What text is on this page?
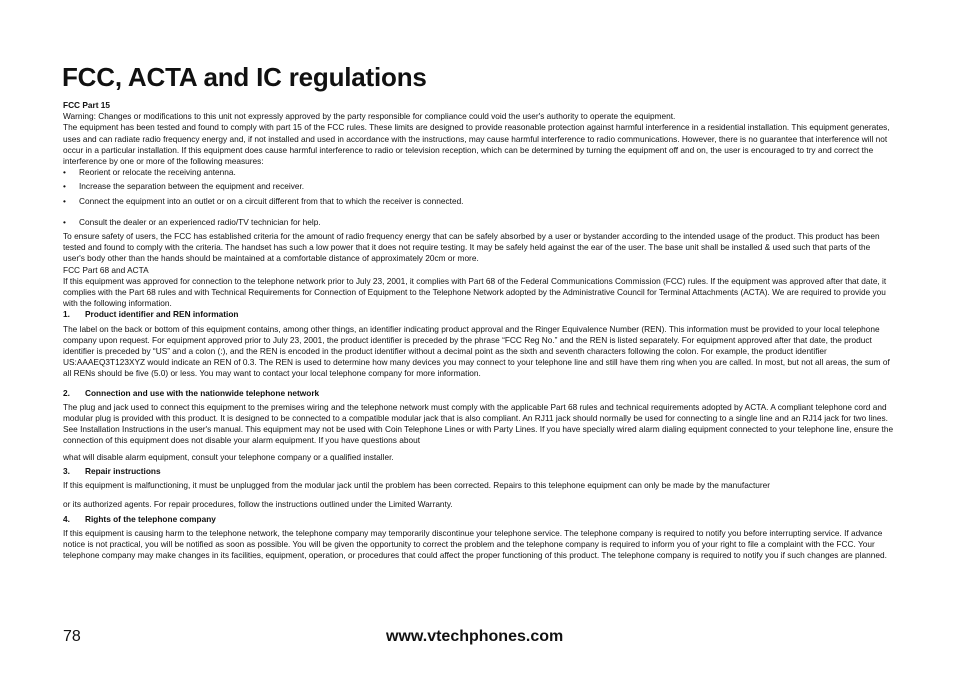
FCC, ACTA and IC regulations

FCC Part 15

Warning: Changes or modifications to this unit not expressly approved by the party responsible for compliance could void the user's authority to operate the equipment.

The equipment has been tested and found to comply with part 15 of the FCC rules. These limits are designed to provide reasonable protection against harmful interference in a residential installation. This equipment generates, uses and can radiate radio frequency energy and, if not installed and used in accordance with the instructions, may cause harmful interference to radio communications. However, there is no guarantee that interference will not occur in a particular installation. If this equipment does cause harmful interference to radio or television reception, which can be determined by turning the equipment off and on, the user is encouraged to try and correct the interference by one or more of the following measures:

• Reorient or relocate the receiving antenna.
• Increase the separation between the equipment and receiver.
• Connect the equipment into an outlet or on a circuit different from that to which the receiver is connected.
• Consult the dealer or an experienced radio/TV technician for help.

To ensure safety of users, the FCC has established criteria for the amount of radio frequency energy that can be safely absorbed by a user or bystander according to the intended usage of the product. This product has been tested and found to comply with the criteria. The handset has such a low power that it does not require testing. It may be safely held against the ear of the user. The base unit shall be installed & used such that parts of the user's body other than the hands should be maintained at a comfortable distance of approximately 20cm or more.

FCC Part 68 and ACTA

If this equipment was approved for connection to the telephone network prior to July 23, 2001, it complies with Part 68 of the Federal Communications Commission (FCC) rules. If the equipment was approved after that date, it complies with the Part 68 rules and with Technical Requirements for Connection of Equipment to the Telephone Network adopted by the Administrative Council for Terminal Attachments (ACTA). We are required to provide you with the following information.

1. Product identifier and REN information

The label on the back or bottom of this equipment contains, among other things, an identifier indicating product approval and the Ringer Equivalence Number (REN). This information must be provided to your local telephone company upon request. For equipment approved prior to July 23, 2001, the product identifier is preceded by the phrase “FCC Reg No.” and the REN is listed separately. For equipment approved after that date, the product identifier is preceded by “US” and a colon (:), and the REN is encoded in the product identifier without a decimal point as the sixth and seventh characters following the colon. For example, the product identifier US:AAAEQ3T123XYZ would indicate an REN of 0.3. The REN is used to determine how many devices you may connect to your telephone line and still have them ring when you are called. In most, but not all areas, the sum of all RENs should be five (5.0) or less. You may want to contact your local telephone company for more information.

2. Connection and use with the nationwide telephone network

The plug and jack used to connect this equipment to the premises wiring and the telephone network must comply with the applicable Part 68 rules and technical requirements adopted by ACTA. A compliant telephone cord and modular plug is provided with this product. It is designed to be connected to a compatible modular jack that is also compliant. An RJ11 jack should normally be used for connecting to a single line and an RJ14 jack for two lines. See Installation Instructions in the user's manual. This equipment may not be used with Coin Telephone Lines or with Party Lines. If you have specially wired alarm dialing equipment connected to your telephone line, ensure the connection of this equipment does not disable your alarm equipment. If you have questions about

what will disable alarm equipment, consult your telephone company or a qualified installer.

3. Repair instructions

If this equipment is malfunctioning, it must be unplugged from the modular jack until the problem has been corrected. Repairs to this telephone equipment can only be made by the manufacturer

or its authorized agents. For repair procedures, follow the instructions outlined under the Limited Warranty.

4. Rights of the telephone company

If this equipment is causing harm to the telephone network, the telephone company may temporarily discontinue your telephone service. The telephone company is required to notify you before interrupting service. If advance notice is not practical, you will be notified as soon as possible. You will be given the opportunity to correct the problem and the telephone company is required to inform you of your right to file a complaint with the FCC. Your telephone company may make changes in its facilities, equipment, operation, or procedures that could affect the proper functioning of this product. The telephone company is required to notify you if such changes are planned.

78	www.vtechphones.com
